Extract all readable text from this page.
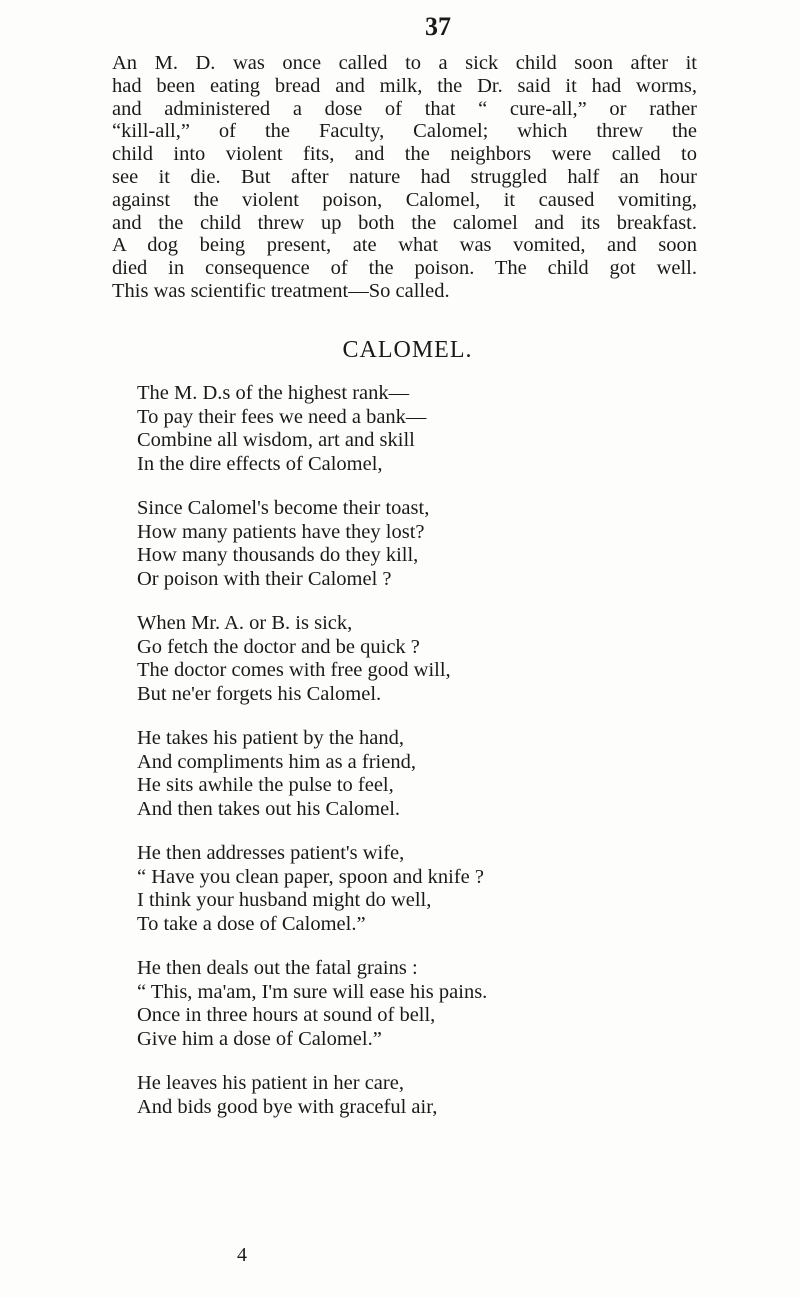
37
An M. D. was once called to a sick child soon after it
had been eating bread and milk, the Dr. said it had worms,
and administered a dose of that “ cure-all,” or rather
“kill-all,” of the Faculty, Calomel; which threw the
child into violent fits, and the neighbors were called to
see it die. But after nature had struggled half an hour
against the violent poison, Calomel, it caused vomiting,
and the child threw up both the calomel and its breakfast.
A dog being present, ate what was vomited, and soon
died in consequence of the poison. The child got well.
This was scientific treatment—So called.
CALOMEL.
The M. D.s of the highest rank—
To pay their fees we need a bank—
Combine all wisdom, art and skill
In the dire effects of Calomel,
Since Calomel's become their toast,
How many patients have they lost?
How many thousands do they kill,
Or poison with their Calomel ?
When Mr. A. or B. is sick,
Go fetch the doctor and be quick ?
The doctor comes with free good will,
But ne'er forgets his Calomel.
He takes his patient by the hand,
And compliments him as a friend,
He sits awhile the pulse to feel,
And then takes out his Calomel.
He then addresses patient's wife,
“ Have you clean paper, spoon and knife ?
I think your husband might do well,
To take a dose of Calomel.”
He then deals out the fatal grains :
“ This, ma'am, I'm sure will ease his pains.
Once in three hours at sound of bell,
Give him a dose of Calomel.”
He leaves his patient in her care,
And bids good bye with graceful air,
4
